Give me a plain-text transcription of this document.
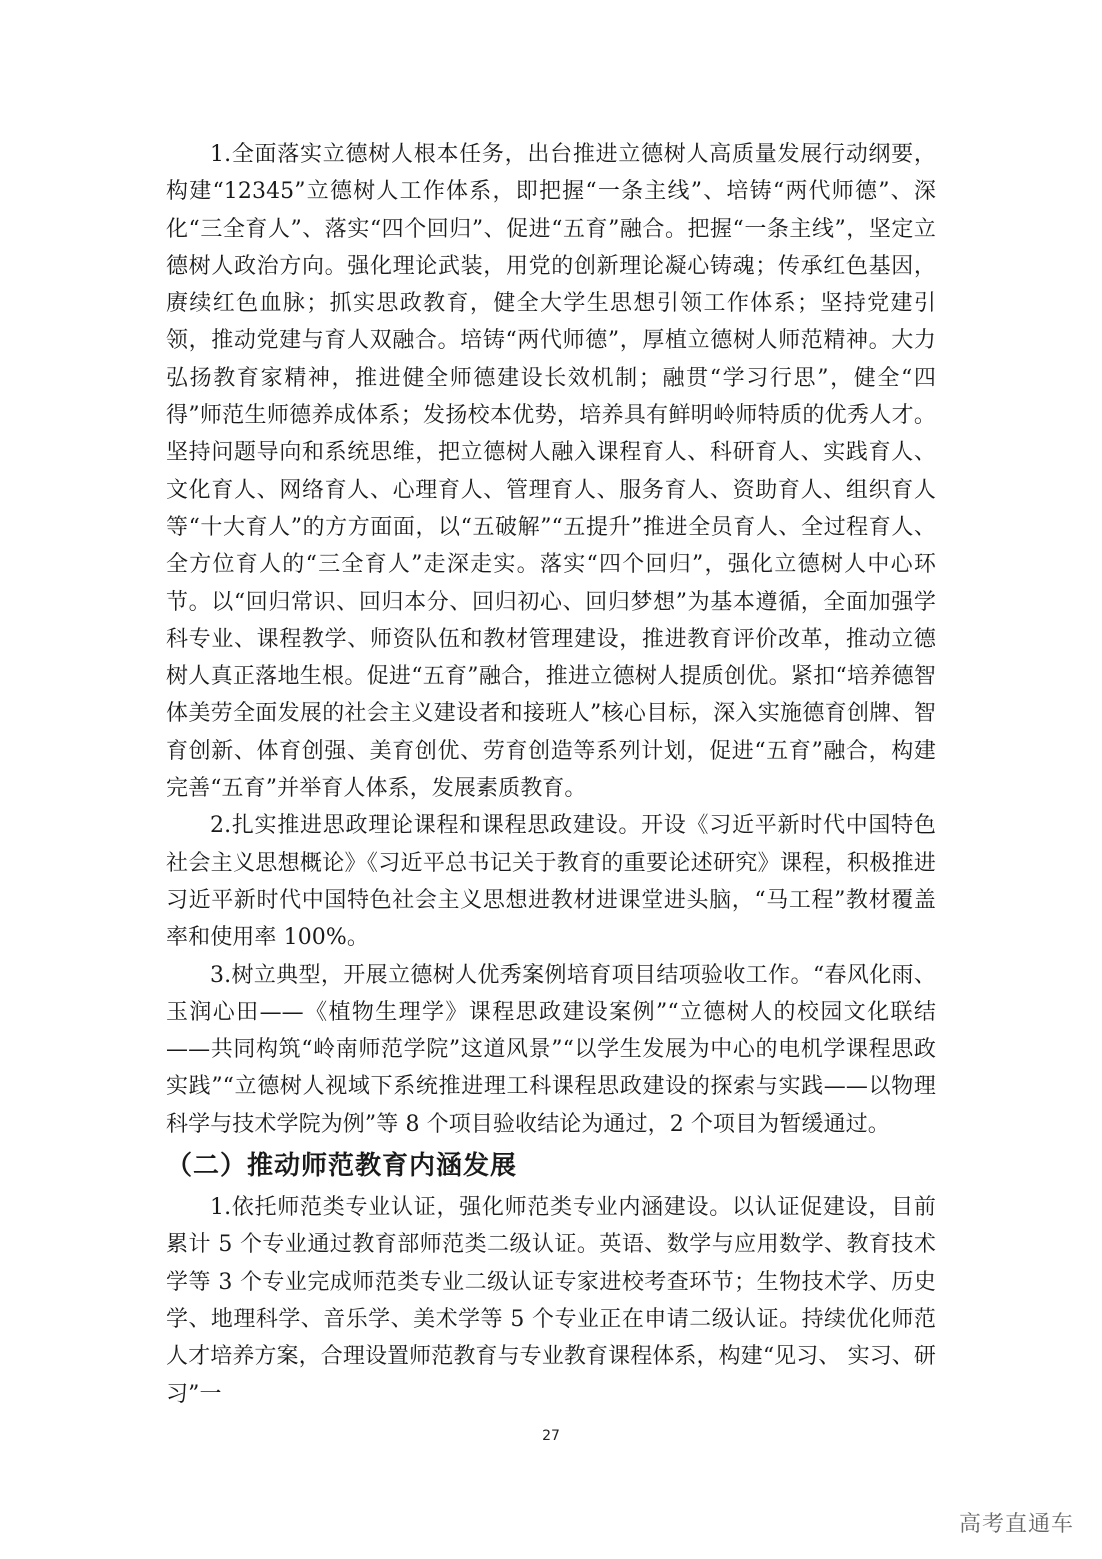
1.全面落实立德树人根本任务，出台推进立德树人高质量发展行动纲要，构建“12345”立德树人工作体系，即把握“一条主线”、培铸“两代师德”、深化“三全育人”、落实“四个回归”、促进“五育”融合。把握“一条主线”，坚定立德树人政治方向。强化理论武装，用党的创新理论凝心铸魂；传承红色基因，赓续红色血脉；抓实思政教育，健全大学生思想引领工作体系；坚持党建引领，推动党建与育人双融合。培铸“两代师德”，厚植立德树人师范精神。大力弘扬教育家精神，推进健全师德建设长效机制；融贯“学习行思”，健全“四得”师范生师德养成体系；发扬校本优势，培养具有鲜明岭师特质的优秀人才。坚持问题导向和系统思维，把立德树人融入课程育人、科研育人、实践育人、文化育人、网络育人、心理育人、管理育人、服务育人、资助育人、组织育人等“十大育人”的方方面面，以“五破解”“五提升”推进全员育人、全过程育人、全方位育人的“三全育人”走深走实。落实“四个回归”，强化立德树人中心环节。以“回归常识、回归本分、回归初心、回归梦想”为基本遵循，全面加强学科专业、课程教学、师资队伍和教材管理建设，推进教育评价改革，推动立德树人真正落地生根。促进“五育”融合，推进立德树人提质创优。紧扣“培养德智体美劳全面发展的社会主义建设者和接班人”核心目标，深入实施德育创牌、智育创新、体育创强、美育创优、劳育创造等系列计划，促进“五育”融合，构建完善“五育”并举育人体系，发展素质教育。

2.扎实推进思政理论课程和课程思政建设。开设《习近平新时代中国特色社会主义思想概论》《习近平总书记关于教育的重要论述研究》课程，积极推进习近平新时代中国特色社会主义思想进教材进课堂进头脑，“马工程”教材覆盖率和使用率 100%。

3.树立典型，开展立德树人优秀案例培育项目结项验收工作。“春风化雨、玉润心田——《植物生理学》课程思政建设案例”“立德树人的校园文化联结——共同构筑“岭南师范学院”这道风景”“以学生发展为中心的电机学课程思政实践”“立德树人视域下系统推进理工科课程思政建设的探索与实践——以物理科学与技术学院为例”等 8 个项目验收结论为通过，2 个项目为暂缓通过。

（二）推动师范教育内涵发展

1.依托师范类专业认证，强化师范类专业内涵建设。以认证促建设，目前累计 5 个专业通过教育部师范类二级认证。英语、数学与应用数学、教育技术学等 3 个专业完成师范类专业二级认证专家进校考查环节；生物技术学、历史学、地理科学、音乐学、美术学等 5 个专业正在申请二级认证。持续优化师范人才培养方案，合理设置师范教育与专业教育课程体系，构建“见习、 实习、研习”一

27
高考直通车
